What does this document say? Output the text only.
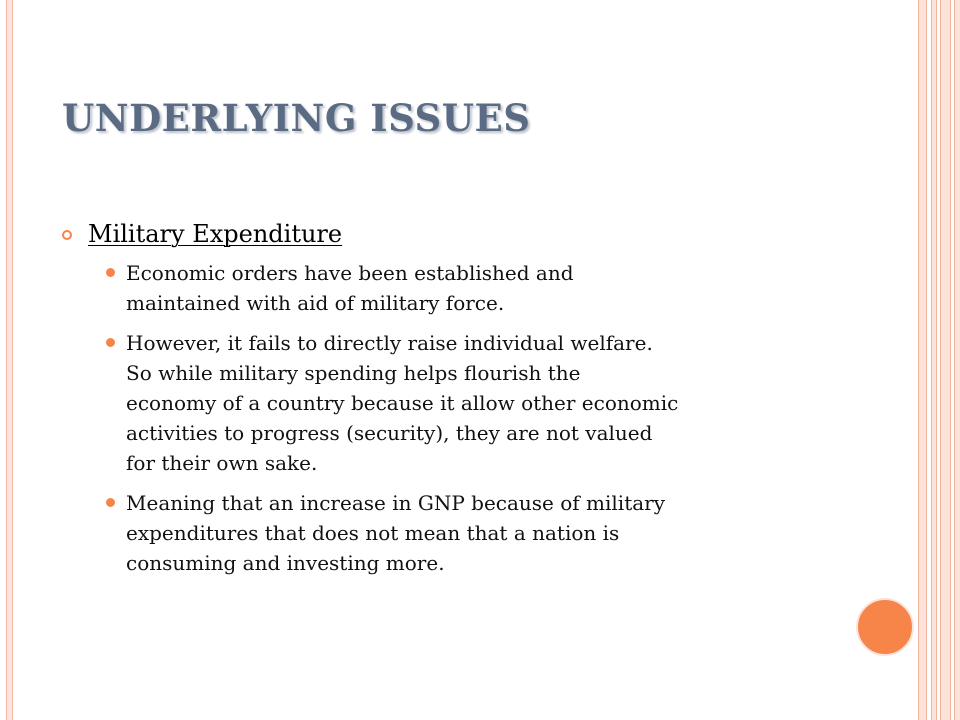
UNDERLYING ISSUES
Military Expenditure
Economic orders have been established and
maintained with aid of military force.
However, it fails to directly raise individual welfare.
So while military spending helps flourish the
economy of a country because it allow other economic
activities to progress (security), they are not valued
for their own sake.
Meaning that an increase in GNP because of military
expenditures that does not mean that a nation is
consuming and investing more.
